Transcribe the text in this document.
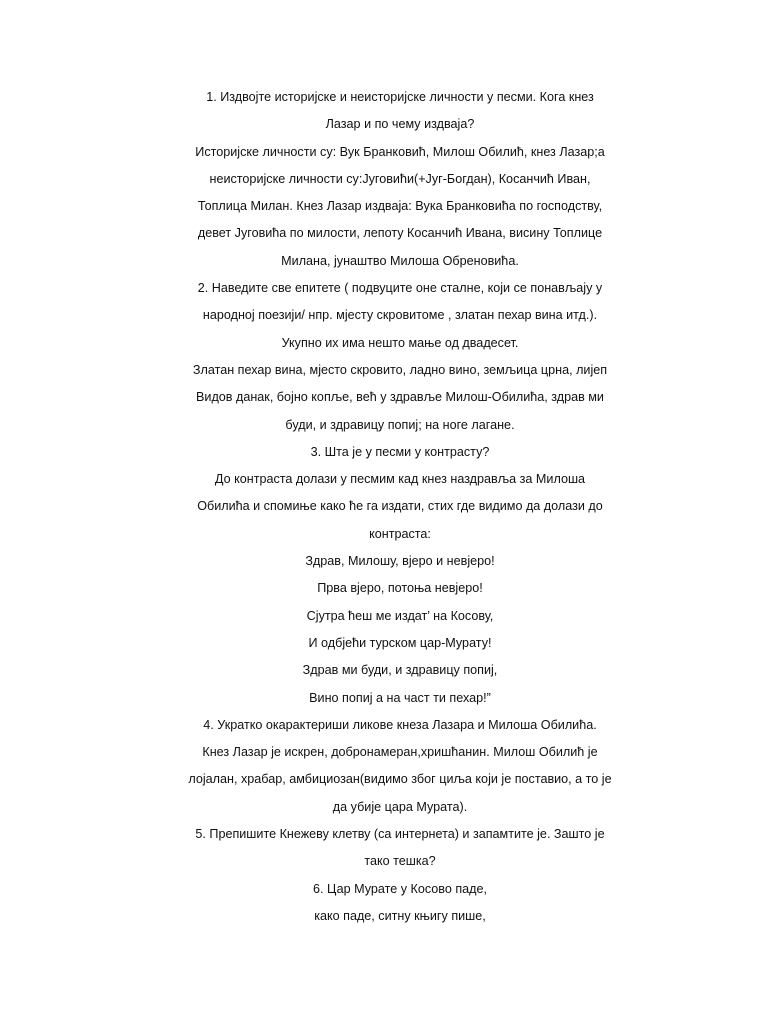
1. Издвојте историјске и неисторијске личности у песми. Кога кнез

Лазар и по чему издваја?

Историјске личности су: Вук Бранковић, Милош Обилић, кнез Лазар;а

неисторијске личности су:Југовићи(+Југ-Богдан), Косанчић Иван,

Топлица Милан. Кнез Лазар издваја: Вука Бранковића по господству,

девет Југовића по милости, лепоту Косанчић Ивана, висину Топлице

Милана, јунаштво Милоша Обреновића.

2. Наведите све епитете ( подвуците оне сталне, који се понављају у

народној поезији/ нпр. мјесту скровитоме , златан пехар вина итд.).

Укупно их има нешто мање од двадесет.

Златан пехар вина, мјесто скровито, ладно вино, земљица црна, лијеп

Видов данак, бојно копље, већ у здравље Милош-Обилића, здрав ми

буди, и здравицу попиј; на ноге лагане.

3. Шта је у песми у контрасту?

До контраста долази у песмим кад кнез наздравља за Милоша

Обилића и спомиње како ће га издати, стих где видимо да долази до

контраста:

Здрав, Милошу, вјеро и невјеро!

Прва вјеро, потоња невјеро!

Сјутра ћеш ме издат’ на Косову,

И одбјећи турском цар-Мурату!

Здрав ми буди, и здравицу попиј,

Вино попиј а на част ти пехар!”

4. Укратко окарактериши ликове кнеза Лазара и Милоша Обилића.

Кнез Лазар је искрен, добронамеран,хришћанин. Милош Обилић је

лојалан, храбар, амбициозан(видимо због циља који је поставио, а то је

да убије цара Мурата).

5. Препишите Кнежеву клетву (са интернета) и запамтите је. Зашто је

тако тешка?

6. Цар Мурате у Косово паде,

како паде, ситну књигу пише,
